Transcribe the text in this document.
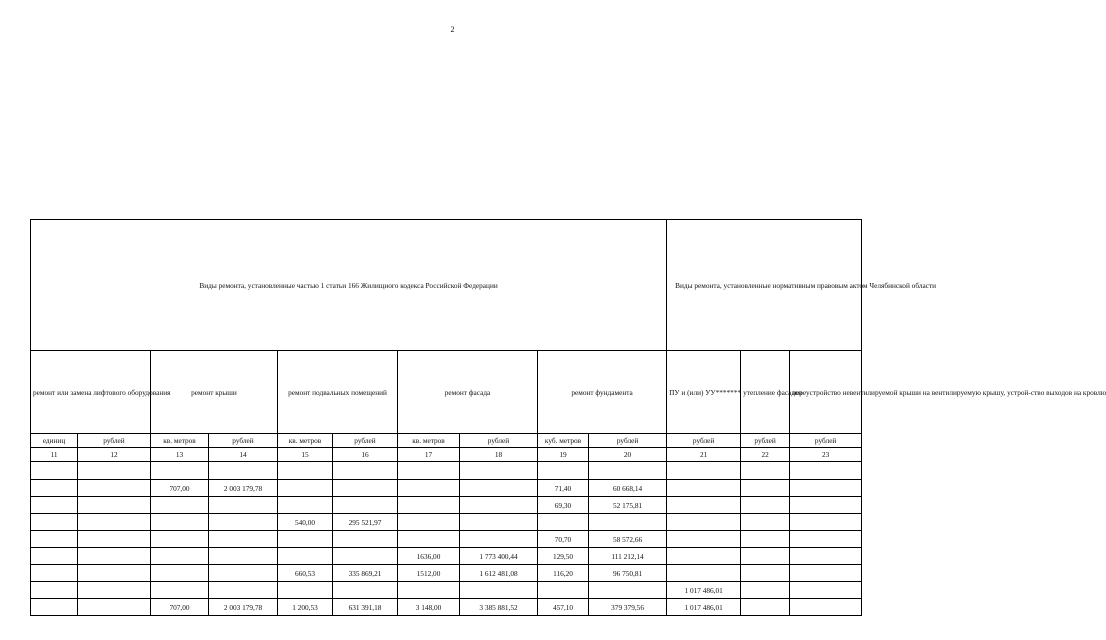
2
Виды ремонта, установленные частью 1 статьи 166 Жилищного кодекса Российской Федерации										Виды ремонта, установленные нормативным правовым актом Челябинской области		
ремонт или замена лифтового оборудования		ремонт крыши		ремонт подвальных помещений		ремонт фасада		ремонт фундамента		ПУ и (или) УУ*******	утепление фасадов	переустройство невентилируемой крыши на вентилируемую крышу, устрой-ство выходов на кровлю
единиц	рублей	кв. метров	рублей	кв. метров	рублей	кв. метров	рублей	куб. метров	рублей	рублей	рублей	рублей
11	12	13	14	15	16	17	18	19	20	21	22	23

		707,00	2 003 179,78					71,40	60 668,14			
								69,30	52 175,81			
				540,00	295 521,97							
								70,70	58 572,66			
						1636,00	1 773 400,44	129,50	111 212,14			
				660,53	335 869,21	1512,00	1 612 481,08	116,20	96 750,81			
										1 017 486,01		
		707,00	2 003 179,78	1 200,53	631 391,18	3 148,00	3 385 881,52	457,10	379 379,56	1 017 486,01		
